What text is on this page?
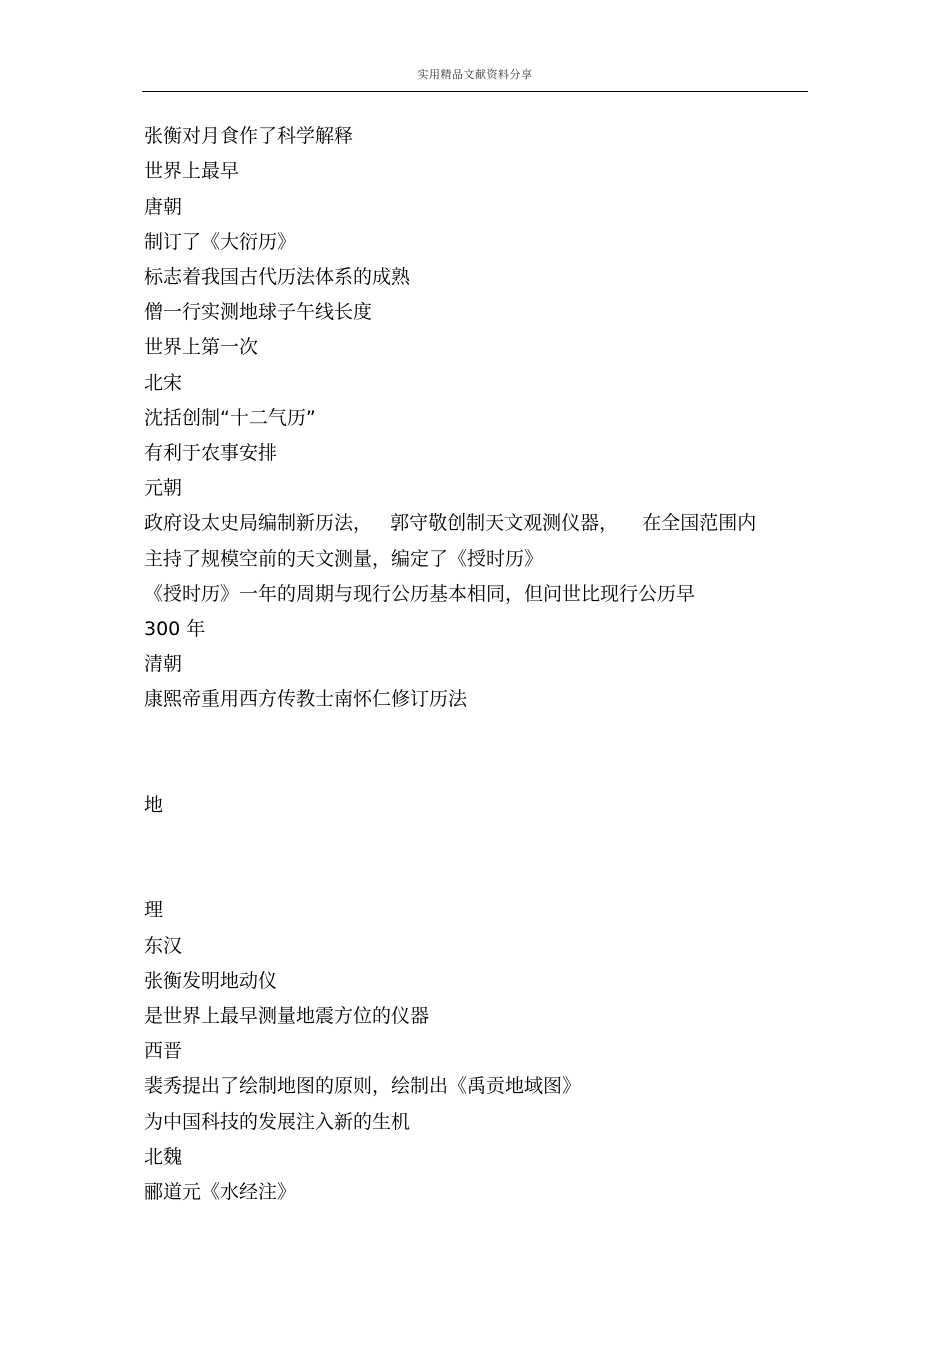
实用精品文献资料分享
张衡对月食作了科学解释
世界上最早
唐朝
制订了《大衍历》
标志着我国古代历法体系的成熟
僧一行实测地球子午线长度
世界上第一次
北宋
沈括创制“十二气历”
有利于农事安排
元朝
政府设太史局编制新历法，   郭守敬创制天文观测仪器，    在全国范围内
主持了规模空前的天文测量，编定了《授时历》
《授时历》一年的周期与现行公历基本相同，但问世比现行公历早
300 年
清朝
康熙帝重用西方传教士南怀仁修订历法
地
理
东汉
张衡发明地动仪
是世界上最早测量地震方位的仪器
西晋
裴秀提出了绘制地图的原则，绘制出《禹贡地域图》
为中国科技的发展注入新的生机
北魏
郦道元《水经注》
